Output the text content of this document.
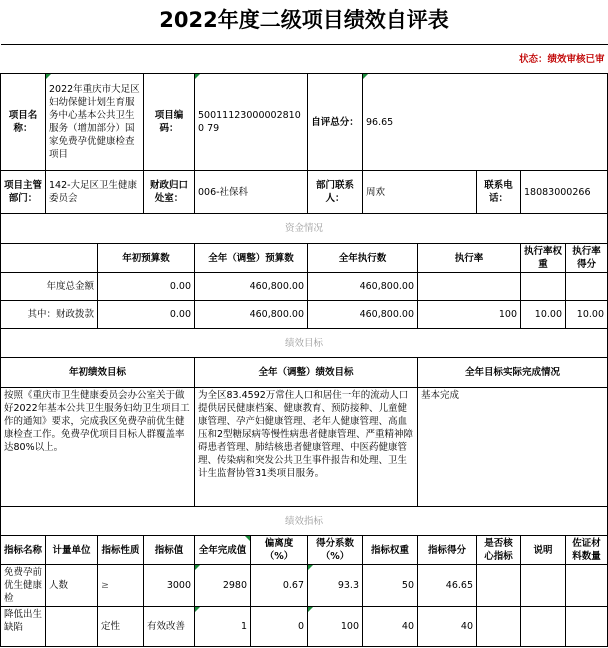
2022年度二级项目绩效自评表
状态：绩效审核已审											
项目名称：	2022年重庆市大足区妇幼保健计划生育服务中心基本公共卫生服务（增加部分）国家免费孕优健康检查项目		项目编码：	500111230000028100 79		自评总分：	96.65				
项目主管部门：	142-大足区卫生健康委员会		财政归口处室：	006-社保科		部门联系人：	周欢		联系电话：	18083000266	
资金情况											
		年初预算数		全年（调整）预算数		全年执行数		执行率		执行率权重	执行率得分
年度总金额		0.00		460,800.00		460,800.00					
其中：财政拨款		0.00		460,800.00		460,800.00		100		10.00	10.00
绩效目标											
年初绩效目标				全年（调整）绩效目标				全年目标实际完成情况			
按照《重庆市卫生健康委员会办公室关于做好2022年基本公共卫生服务妇幼卫生项目工作的通知》要求，完成我区免费孕前优生健康检查工作。免费孕优项目目标人群覆盖率达80%以上。				为全区83.4592万常住人口和居住一年的流动人口提供居民健康档案、健康教育、预防接种、儿童健康管理、孕产妇健康管理、老年人健康管理、高血压和2型糖尿病等慢性病患者健康管理、严重精神障碍患者管理、肺结核患者健康管理、中医药健康管理、传染病和突发公共卫生事件报告和处理、卫生计生监督协管31类项目服务。				基本完成			
绩效指标											
指标名称	计量单位	指标性质	指标值	全年完成值	偏离度（%）	得分系数（%）	指标权重	指标得分	是否核心指标	说明	佐证材料数量
免费孕前优生健康检	人数	≥	3000	2980	0.67	93.3	50	46.65			
降低出生缺陷		定性	有效改善	1	0	100	40	40			
